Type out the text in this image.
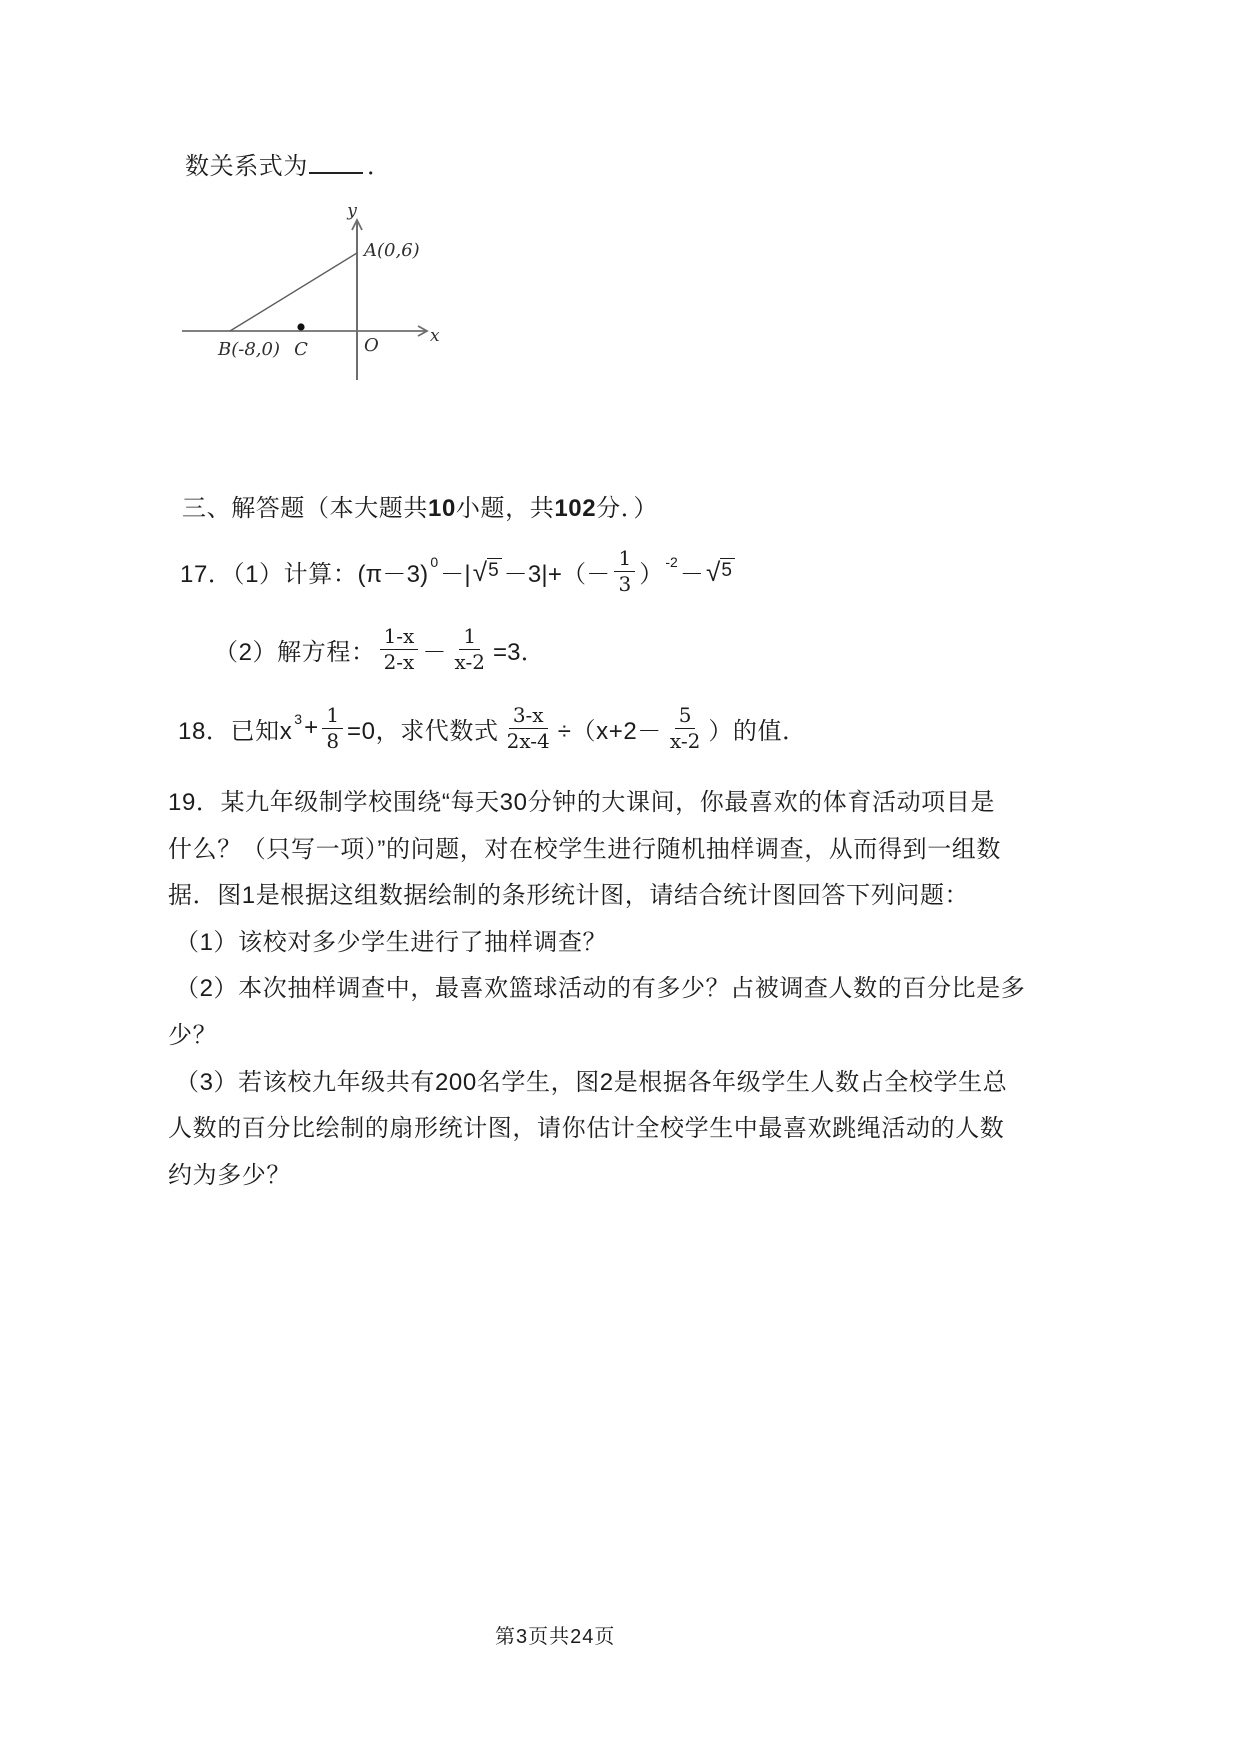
数关系式为 ．
y
x
A(0,6)
B(-8,0) C	O
三、解答题（本大题共10小题，共102分．）
17．（1）计算： (π－3) 0 －| √ $5 -3|+(- \frac{1}{3}$ ） -2 － √ 5
（2）解方程： $\frac{1-x}{2-x} - \frac{1}{x-2} =3$．
18．已知x $3 + \frac{1}{8} =0$，求代数式 $\frac{3-x}{2x-4} \div(x+2- \frac{5}{x-2}$ ）的值．
19．某九年级制学校围绕“每天30分钟的大课间，你最喜欢的体育活动项目是
什么？（只写一项）”的问题，对在校学生进行随机抽样调查，从而得到一组数
据．图1是根据这组数据绘制的条形统计图，请结合统计图回答下列问题：
（1）该校对多少学生进行了抽样调查？
（2）本次抽样调查中，最喜欢篮球活动的有多少？占被调查人数的百分比是多
少？
（3）若该校九年级共有200名学生，图2是根据各年级学生人数占全校学生总
人数的百分比绘制的扇形统计图，请你估计全校学生中最喜欢跳绳活动的人数
约为多少？
第3页共24页
